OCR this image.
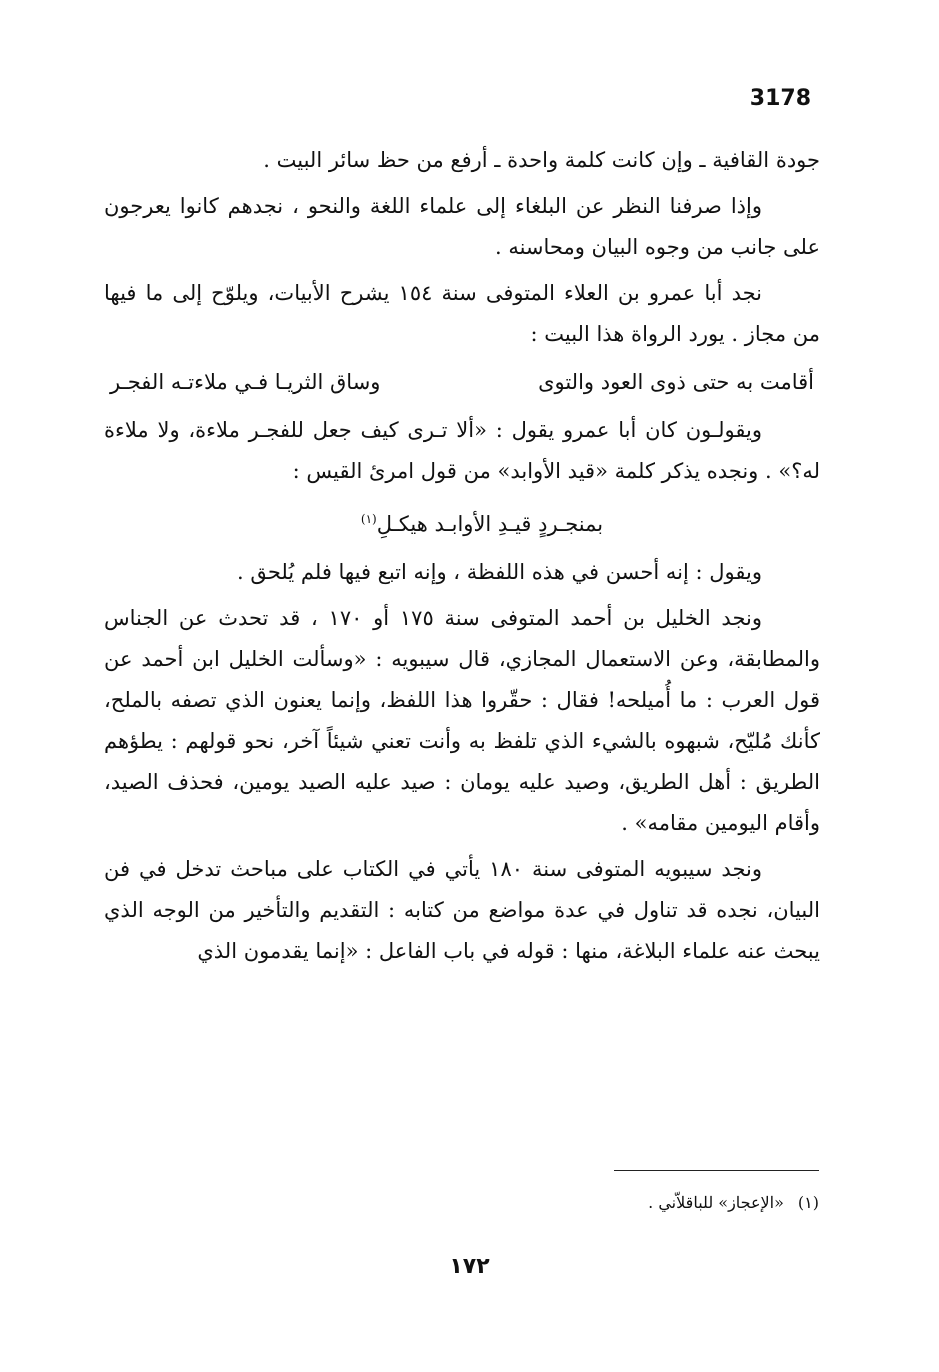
3178

جودة القافية ـ وإن كانت كلمة واحدة ـ أرفع من حظ سائر البيت .

وإذا صرفنا النظر عن البلغاء إلى علماء اللغة والنحو ، نجدهم كانوا يعرجون على جانب من وجوه البيان ومحاسنه .

نجد أبا عمرو بن العلاء المتوفى سنة ١٥٤ يشرح الأبيات، ويلوّح إلى ما فيها من مجاز . يورد الرواة هذا البيت :

أقامت به حتى ذوى العود والتوى
وساق الثريـا فـي ملاءتـه الفجـر

ويقولـون كان أبا عمرو يقول : «ألا تـرى كيف جعل للفجـر ملاءة، ولا ملاءة له؟» . ونجده يذكر كلمة «قيد الأوابد» من قول امرئ القيس :

بمنجـردٍ قيـدِ الأوابـد هيكـلِ$^{(١)}$

ويقول : إنه أحسن في هذه اللفظة ، وإنه اتبع فيها فلم يُلحق .

ونجد الخليل بن أحمد المتوفى سنة ١٧٥ أو ١٧٠ ، قد تحدث عن الجناس والمطابقة، وعن الاستعمال المجازي، قال سيبويه : «وسألت الخليل ابن أحمد عن قول العرب : ما أُميلحه! فقال : حقّروا هذا اللفظ، وإنما يعنون الذي تصفه بالملح، كأنك مُليّح، شبهوه بالشيء الذي تلفظ به وأنت تعني شيئاً آخر، نحو قولهم : يطؤهم الطريق : أهل الطريق، وصيد عليه يومان : صيد عليه الصيد يومين، فحذف الصيد، وأقام اليومين مقامه» .

ونجد سيبويه المتوفى سنة ١٨٠ يأتي في الكتاب على مباحث تدخل في فن البيان، نجده قد تناول في عدة مواضع من كتابه : التقديم والتأخير من الوجه الذي يبحث عنه علماء البلاغة، منها : قوله في باب الفاعل : «إنما يقدمون الذي

(١)«الإعجاز» للباقلاّني .
١٧٢
